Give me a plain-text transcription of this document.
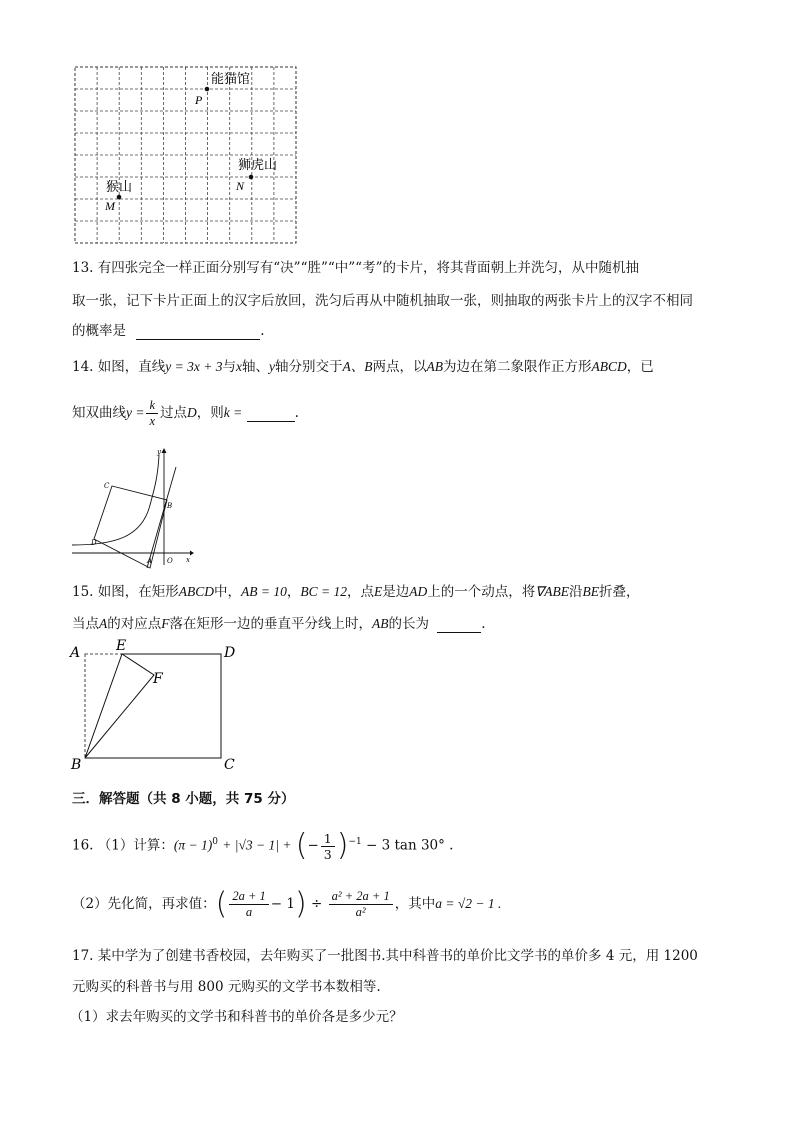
能猫馆
P
狮虎山
N
猴山
M
13. 有四张完全一样正面分别写有“决”“胜”“中”“考”的卡片，将其背面朝上并洗匀，从中随机抽
取一张，记下卡片正面上的汉字后放回，洗匀后再从中随机抽取一张，则抽取的两张卡片上的汉字不相同
的概率是	.
14. 如图，直线y = 3x + 3与x轴、y轴分别交于A、B两点，以AB为边在第二象限作正方形ABCD，已
知双曲线$y = \frac{k}{x}$ 过点D，则k =	.
y
x
C
B
D
A O
15. 如图，在矩形ABCD中，AB = 10，BC = 12，点E是边AD上的一个动点，将∇ABE沿BE折叠，
当点A的对应点F落在矩形一边的垂直平分线上时，AB的长为	.
A	E	D
F
B	C
三．解答题（共 8 小题，共 75 分）
16. （1）计算：$(\pi - 1)^0 + |√3 - 1|$ + (− $\frac{1}{3} )^{-1} - 3$ tan 30° .
（2）先化简，再求值：( $\frac{2a + 1}{a} - 1) \div \frac{\text{a² + 2a + 1}}{\text{a²}}$ ，其中a = √2 − 1 .
17. 某中学为了创建书香校园，去年购买了一批图书.其中科普书的单价比文学书的单价多 4 元，用 1200
元购买的科普书与用 800 元购买的文学书本数相等.
（1）求去年购买的文学书和科普书的单价各是多少元？
